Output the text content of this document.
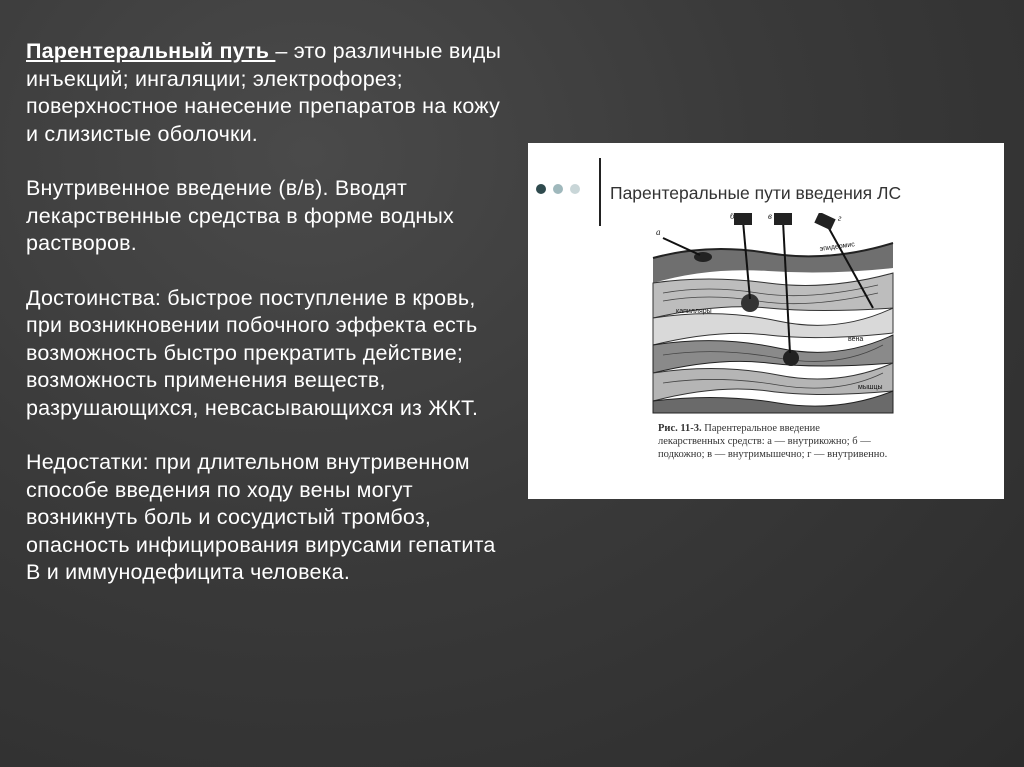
Парентеральный путь – это различные виды инъекций; ингаляции; электрофорез; поверхностное нанесение препаратов на кожу и слизистые оболочки.

Внутривенное введение (в/в). Вводят лекарственные средства в форме водных растворов.

Достоинства: быстрое поступление в кровь, при возникновении побочного эффекта есть возможность быстро прекратить действие; возможность применения веществ, разрушающихся, невсасывающихся из ЖКТ.

Недостатки: при длительном внутривенном способе введения по ходу вены могут возникнуть боль и сосудистый тромбоз, опасность инфицирования вирусами гепатита В и иммунодефицита человека.

Парентеральные пути введения ЛС
а
б	в	г
эпидермис
капилляры
вена
мышцы
Рис. 11-3. Парентеральное введение лекарственных средств: а — внутрикожно; б — подкожно; в — внутримышечно; г — внутривенно.
